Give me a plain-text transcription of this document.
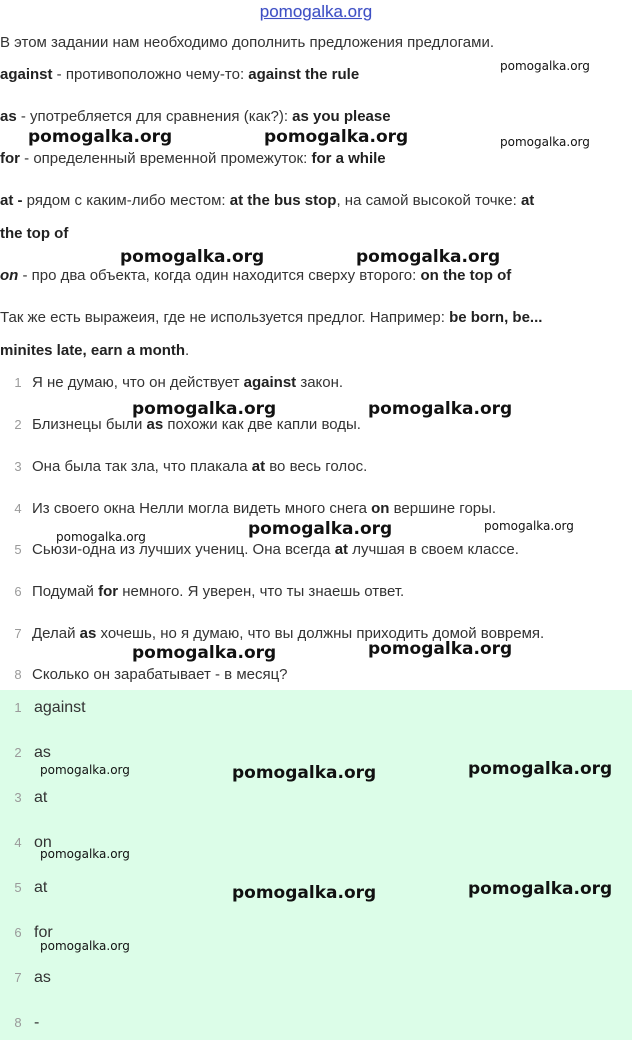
pomogalka.org
В этом задании нам необходимо дополнить предложения предлогами.
against - противоположно чему-то: against the rule
as - употребляется для сравнения (как?): as you please
for - определенный временной промежуток: for a while
at - рядом с каким-либо местом: at the bus stop, на самой высокой точке: at
the top of
on - про два объекта, когда один находится сверху второго: on the top of
Так же есть выражеия, где не используется предлог. Например: be born, be...
minites late, earn a month.
1 Я не думаю, что он действует against закон.
2 Близнецы были as похожи как две капли воды.
3 Она была так зла, что плакала at во весь голос.
4 Из своего окна Нелли могла видеть много снега on вершине горы.
5 Сьюзи-одна из лучших учениц. Она всегда at лучшая в своем классе.
6 Подумай for немного. Я уверен, что ты знаешь ответ.
7 Делай as хочешь, но я думаю, что вы должны приходить домой вовремя.
8 Сколько он зарабатывает - в месяц?
1 against
2 as
3 at
4 on
5 at
6 for
7 as
8 -
pomogalka.org
pomogalka.org	pomogalka.org	pomogalka.org
pomogalka.org	pomogalka.org
pomogalka.org	pomogalka.org
pomogalka.org	pomogalka.org	pomogalka.org
pomogalka.org	pomogalka.org
pomogalka.org	pomogalka.org	pomogalka.org
pomogalka.org
pomogalka.org	pomogalka.org
pomogalka.org
